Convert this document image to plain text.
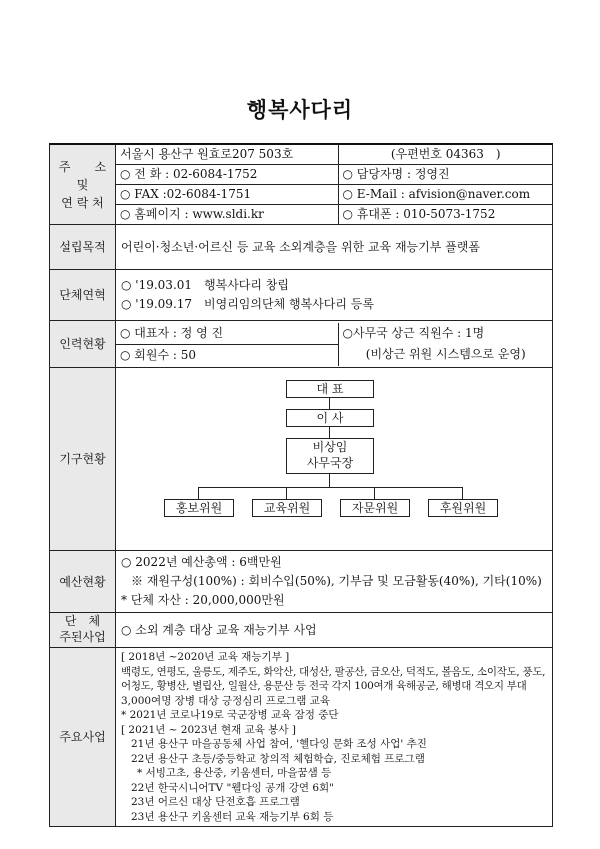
행복사다리
주　　소
및
연 락 처

서울시 용산구 원효로207 503호	(우편번호 04363　)
○ 전 화 : 02-6084-1752	○ 담당자명 : 정영진
○ FAX :02-6084-1751	○ E-Mail : afvision@naver.com
○ 홈페이지 : www.sldi.kr	○ 휴대폰 : 010-5073-1752

설립목적	어린이·청소년·어르신 등 교육 소외계층을 위한 교육 재능기부 플랫폼

단체연혁	
○ '19.03.01　행복사다리 창립
○ '19.09.17　비영리임의단체 행복사다리 등록

인력현황	
○ 대표자 : 정 영 진	○사무국 상근 직원수 : 1명
○ 회원수 : 50	(비상근 위원 시스템으로 운영)

기구현황	
대 표
이 사
비상임
사무국장
홍보위원	교육위원	자문위원	후원위원

예산현황	
○ 2022년 예산총액 : 6백만원
※ 재원구성(100%) : 회비수입(50%), 기부금 및 모금활동(40%), 기타(10%)
* 단체 자산 : 20,000,000만원

단　체
주된사업

○ 소외 계층 대상 교육 재능기부 사업

주요사업	
[ 2018년 ~2020년 교육 재능기부 ]
백령도, 연평도, 울릉도, 제주도, 화악산, 대성산, 팔공산, 금오산, 덕적도, 볼음도, 소이작도, 풍도,
어청도, 황병산, 별립산, 일월산, 용문산 등 전국 각지 100여개 육해공군, 해병대 격오지 부대
3,000여명 장병 대상 긍정심리 프로그램 교육
* 2021년 코로나19로 국군장병 교육 잠정 중단
[ 2021년 ~ 2023년 현재 교육 봉사 ]
21년 용산구 마을공동체 사업 참여, '헬다잉 문화 조성 사업' 추진
22년 용산구 초등/중등학교 창의적 체험학습, 진로체험 프로그램
* 서빙고초, 용산중, 키움센터, 마을꿈샘 등
22년 한국시니어TV "웰다잉 공개 강연 6회"
23년 어르신 대상 단전호흡 프로그램
23년 용산구 키움센터 교육 재능기부 6회 등
